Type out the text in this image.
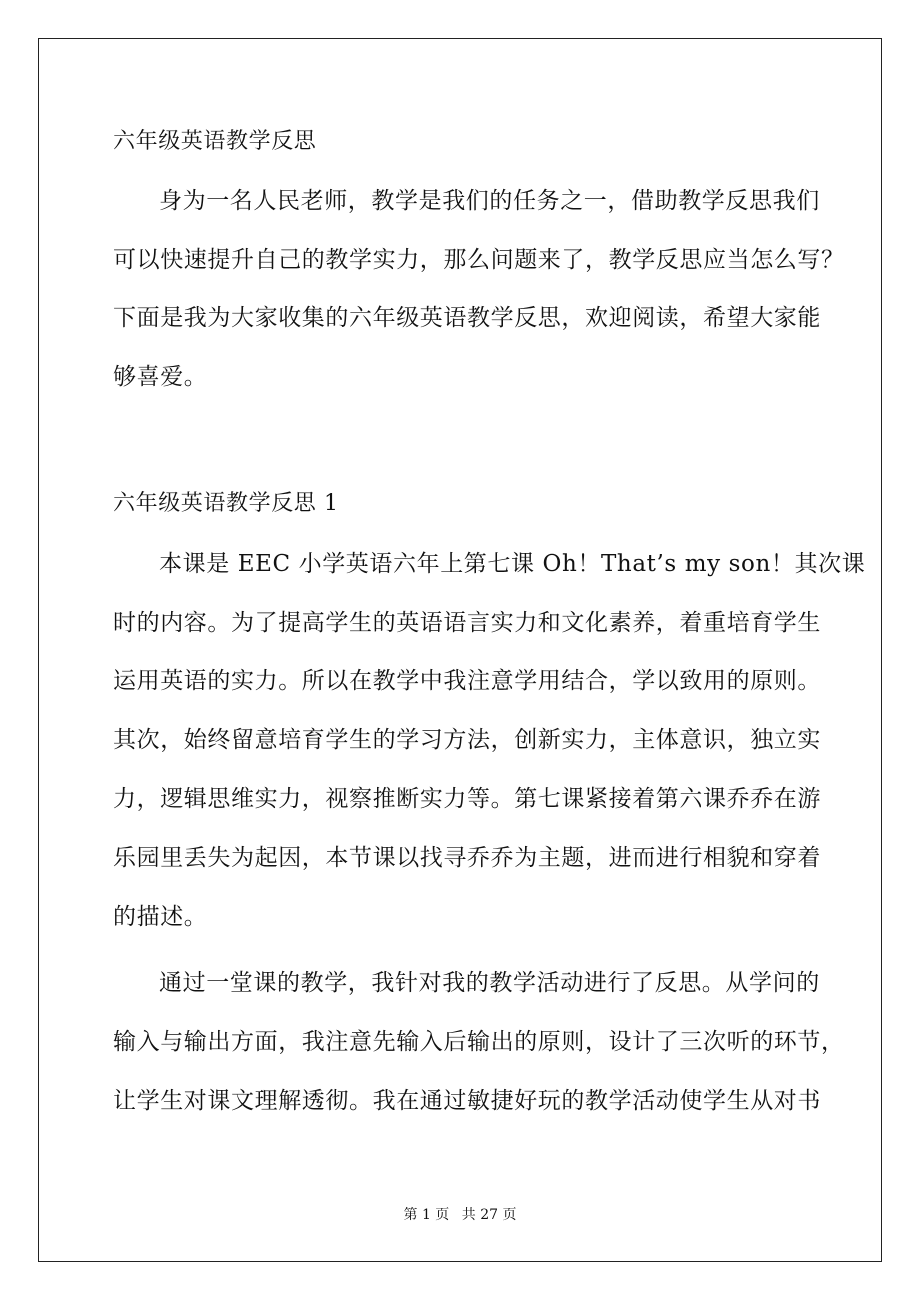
六年级英语教学反思

身为一名人民老师，教学是我们的任务之一，借助教学反思我们

可以快速提升自己的教学实力，那么问题来了，教学反思应当怎么写？

下面是我为大家收集的六年级英语教学反思，欢迎阅读，希望大家能

够喜爱。

六年级英语教学反思 1

本课是 EEC 小学英语六年上第七课 Oh！That’s my son！其次课

时的内容。为了提高学生的英语语言实力和文化素养，着重培育学生

运用英语的实力。所以在教学中我注意学用结合，学以致用的原则。

其次，始终留意培育学生的学习方法，创新实力，主体意识，独立实

力，逻辑思维实力，视察推断实力等。第七课紧接着第六课乔乔在游

乐园里丢失为起因，本节课以找寻乔乔为主题，进而进行相貌和穿着

的描述。

通过一堂课的教学，我针对我的教学活动进行了反思。从学问的

输入与输出方面，我注意先输入后输出的原则，设计了三次听的环节，

让学生对课文理解透彻。我在通过敏捷好玩的教学活动使学生从对书

第 1 页 共 27 页
